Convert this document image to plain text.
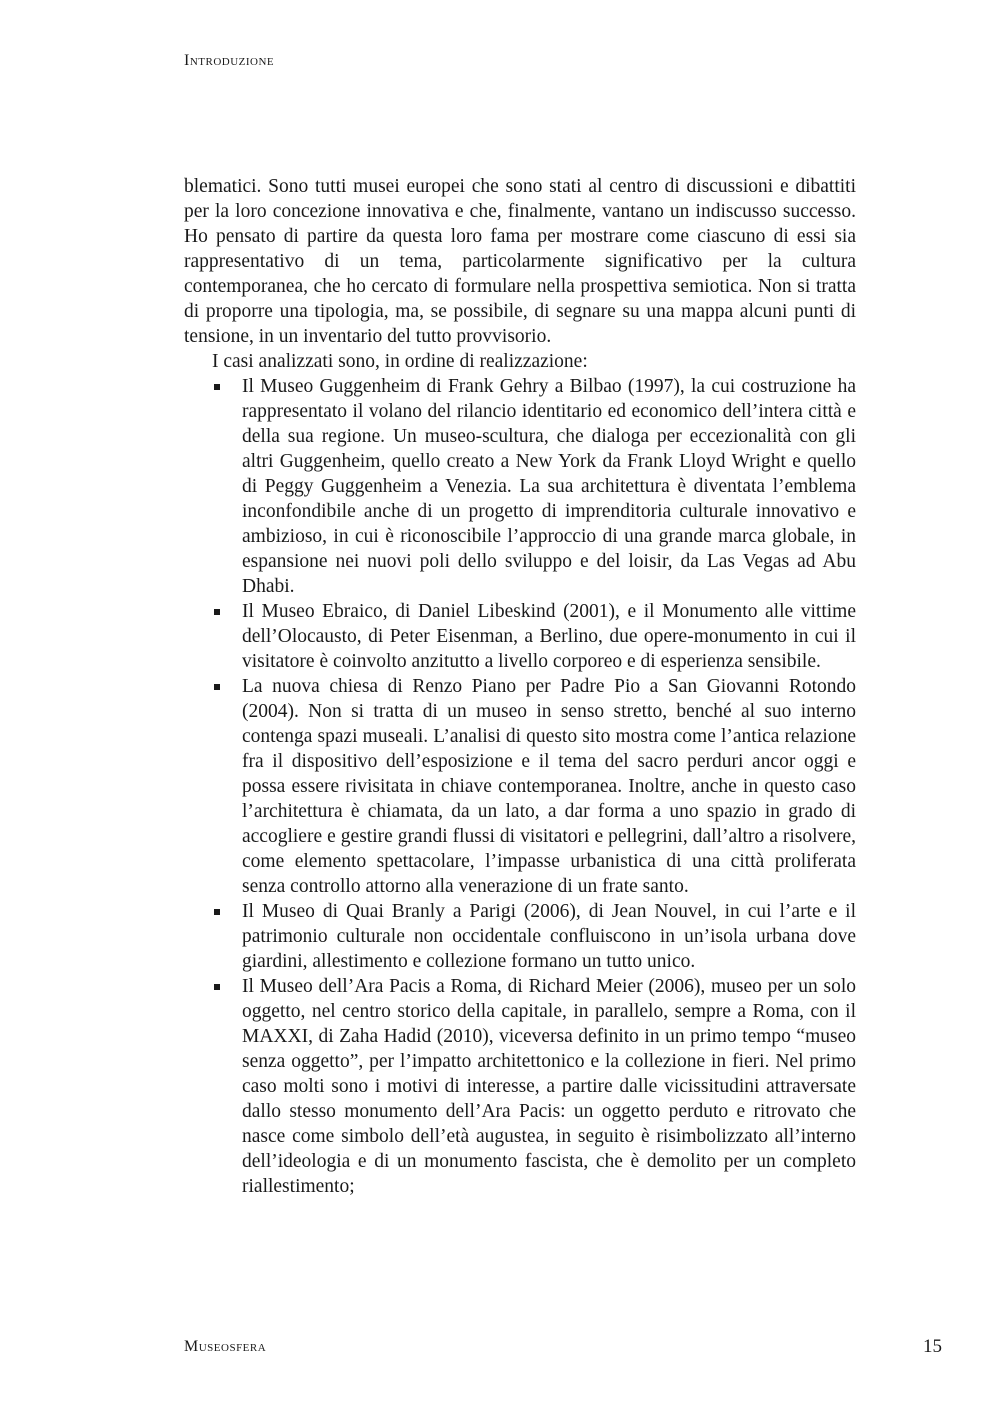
Introduzione

blematici. Sono tutti musei europei che sono stati al centro di discussioni e dibattiti per la loro concezione innovativa e che, finalmente, vantano un indiscusso successo. Ho pensato di partire da questa loro fama per mostrare come ciascuno di essi sia rappresentativo di un tema, particolarmente significativo per la cultura contemporanea, che ho cercato di formulare nella prospettiva semiotica. Non si tratta di proporre una tipologia, ma, se possibile, di segnare su una mappa alcuni punti di tensione, in un inventario del tutto provvisorio.

I casi analizzati sono, in ordine di realizzazione:

Il Museo Guggenheim di Frank Gehry a Bilbao (1997), la cui costruzione ha rappresentato il volano del rilancio identitario ed economico dell’intera città e della sua regione. Un museo-scultura, che dialoga per eccezionalità con gli altri Guggenheim, quello creato a New York da Frank Lloyd Wright e quello di Peggy Guggenheim a Venezia. La sua architettura è diventata l’emblema inconfondibile anche di un progetto di imprenditoria culturale innovativo e ambizioso, in cui è riconoscibile l’approccio di una grande marca globale, in espansione nei nuovi poli dello sviluppo e del loisir, da Las Vegas ad Abu Dhabi.
Il Museo Ebraico, di Daniel Libeskind (2001), e il Monumento alle vittime dell’Olocausto, di Peter Eisenman, a Berlino, due opere-monumento in cui il visitatore è coinvolto anzitutto a livello corporeo e di esperienza sensibile.
La nuova chiesa di Renzo Piano per Padre Pio a San Giovanni Rotondo (2004). Non si tratta di un museo in senso stretto, benché al suo interno contenga spazi museali. L’analisi di questo sito mostra come l’antica relazione fra il dispositivo dell’esposizione e il tema del sacro perduri ancor oggi e possa essere rivisitata in chiave contemporanea. Inoltre, anche in questo caso l’architettura è chiamata, da un lato, a dar forma a uno spazio in grado di accogliere e gestire grandi flussi di visitatori e pellegrini, dall’altro a risolvere, come elemento spettacolare, l’impasse urbanistica di una città proliferata senza controllo attorno alla venerazione di un frate santo.
Il Museo di Quai Branly a Parigi (2006), di Jean Nouvel, in cui l’arte e il patrimonio culturale non occidentale confluiscono in un’isola urbana dove giardini, allestimento e collezione formano un tutto unico.
Il Museo dell’Ara Pacis a Roma, di Richard Meier (2006), museo per un solo oggetto, nel centro storico della capitale, in parallelo, sempre a Roma, con il MAXXI, di Zaha Hadid (2010), viceversa definito in un primo tempo “museo senza oggetto”, per l’impatto architettonico e la collezione in fieri. Nel primo caso molti sono i motivi di interesse, a partire dalle vicissitudini attraversate dallo stesso monumento dell’Ara Pacis: un oggetto perduto e ritrovato che nasce come simbolo dell’età augustea, in seguito è risimbolizzato all’interno dell’ideologia e di un monumento fascista, che è demolito per un completo riallestimento;
Museosfera	15
